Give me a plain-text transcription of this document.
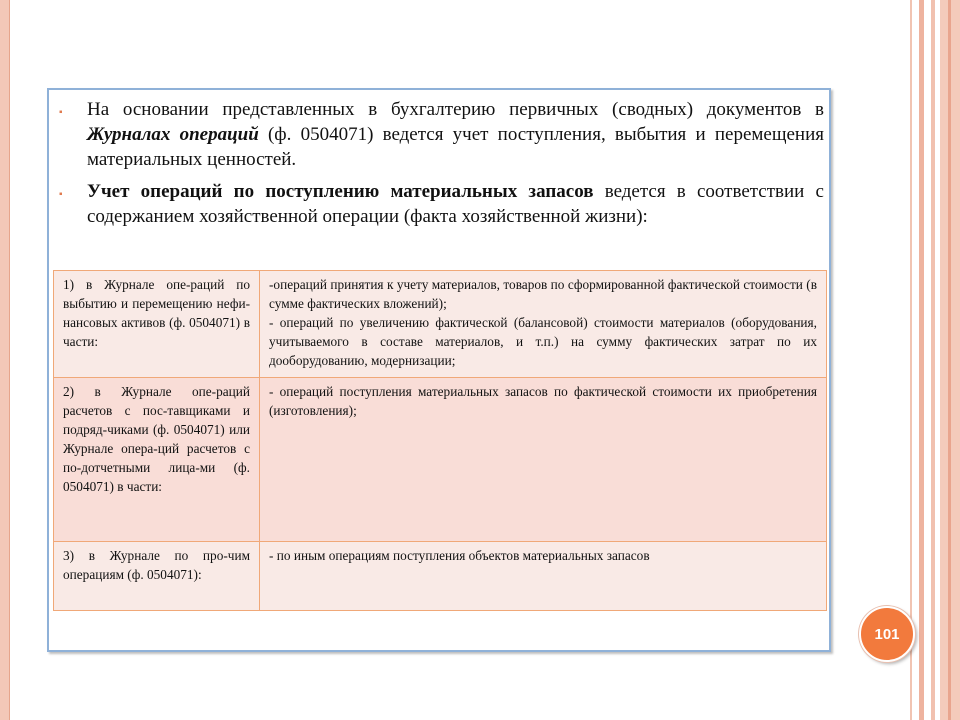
▪ На основании представленных в бухгалтерию первичных (сводных) документов в Журналах операций (ф. 0504071) ведется учет поступления, выбытия и перемещения материальных ценностей.
▪ Учет операций по поступлению материальных запасов ведется в соответствии с содержанием хозяйственной операции (факта хозяйственной жизни):
1) в Журнале опе-раций по выбытию и перемещению нефи-нансовых активов (ф. 0504071) в части:	-операций принятия к учету материалов, товаров по сформированной фактической стоимости (в сумме фактических вложений);
- операций по увеличению фактической (балансовой) стоимости материалов (оборудования, учитываемого в составе материалов, и т.п.) на сумму фактических затрат по их дооборудованию, модернизации;

2) в Журнале опе-раций расчетов с пос-тавщиками и подряд-чиками (ф. 0504071) или Журнале опера-ций расчетов с по-дотчетными лица-ми (ф. 0504071) в части:	- операций поступления материальных запасов по фактической стоимости их приобретения (изготовления);

3) в Журнале по про-чим операциям (ф. 0504071):	- по иным операциям поступления объектов материальных запасов
101
